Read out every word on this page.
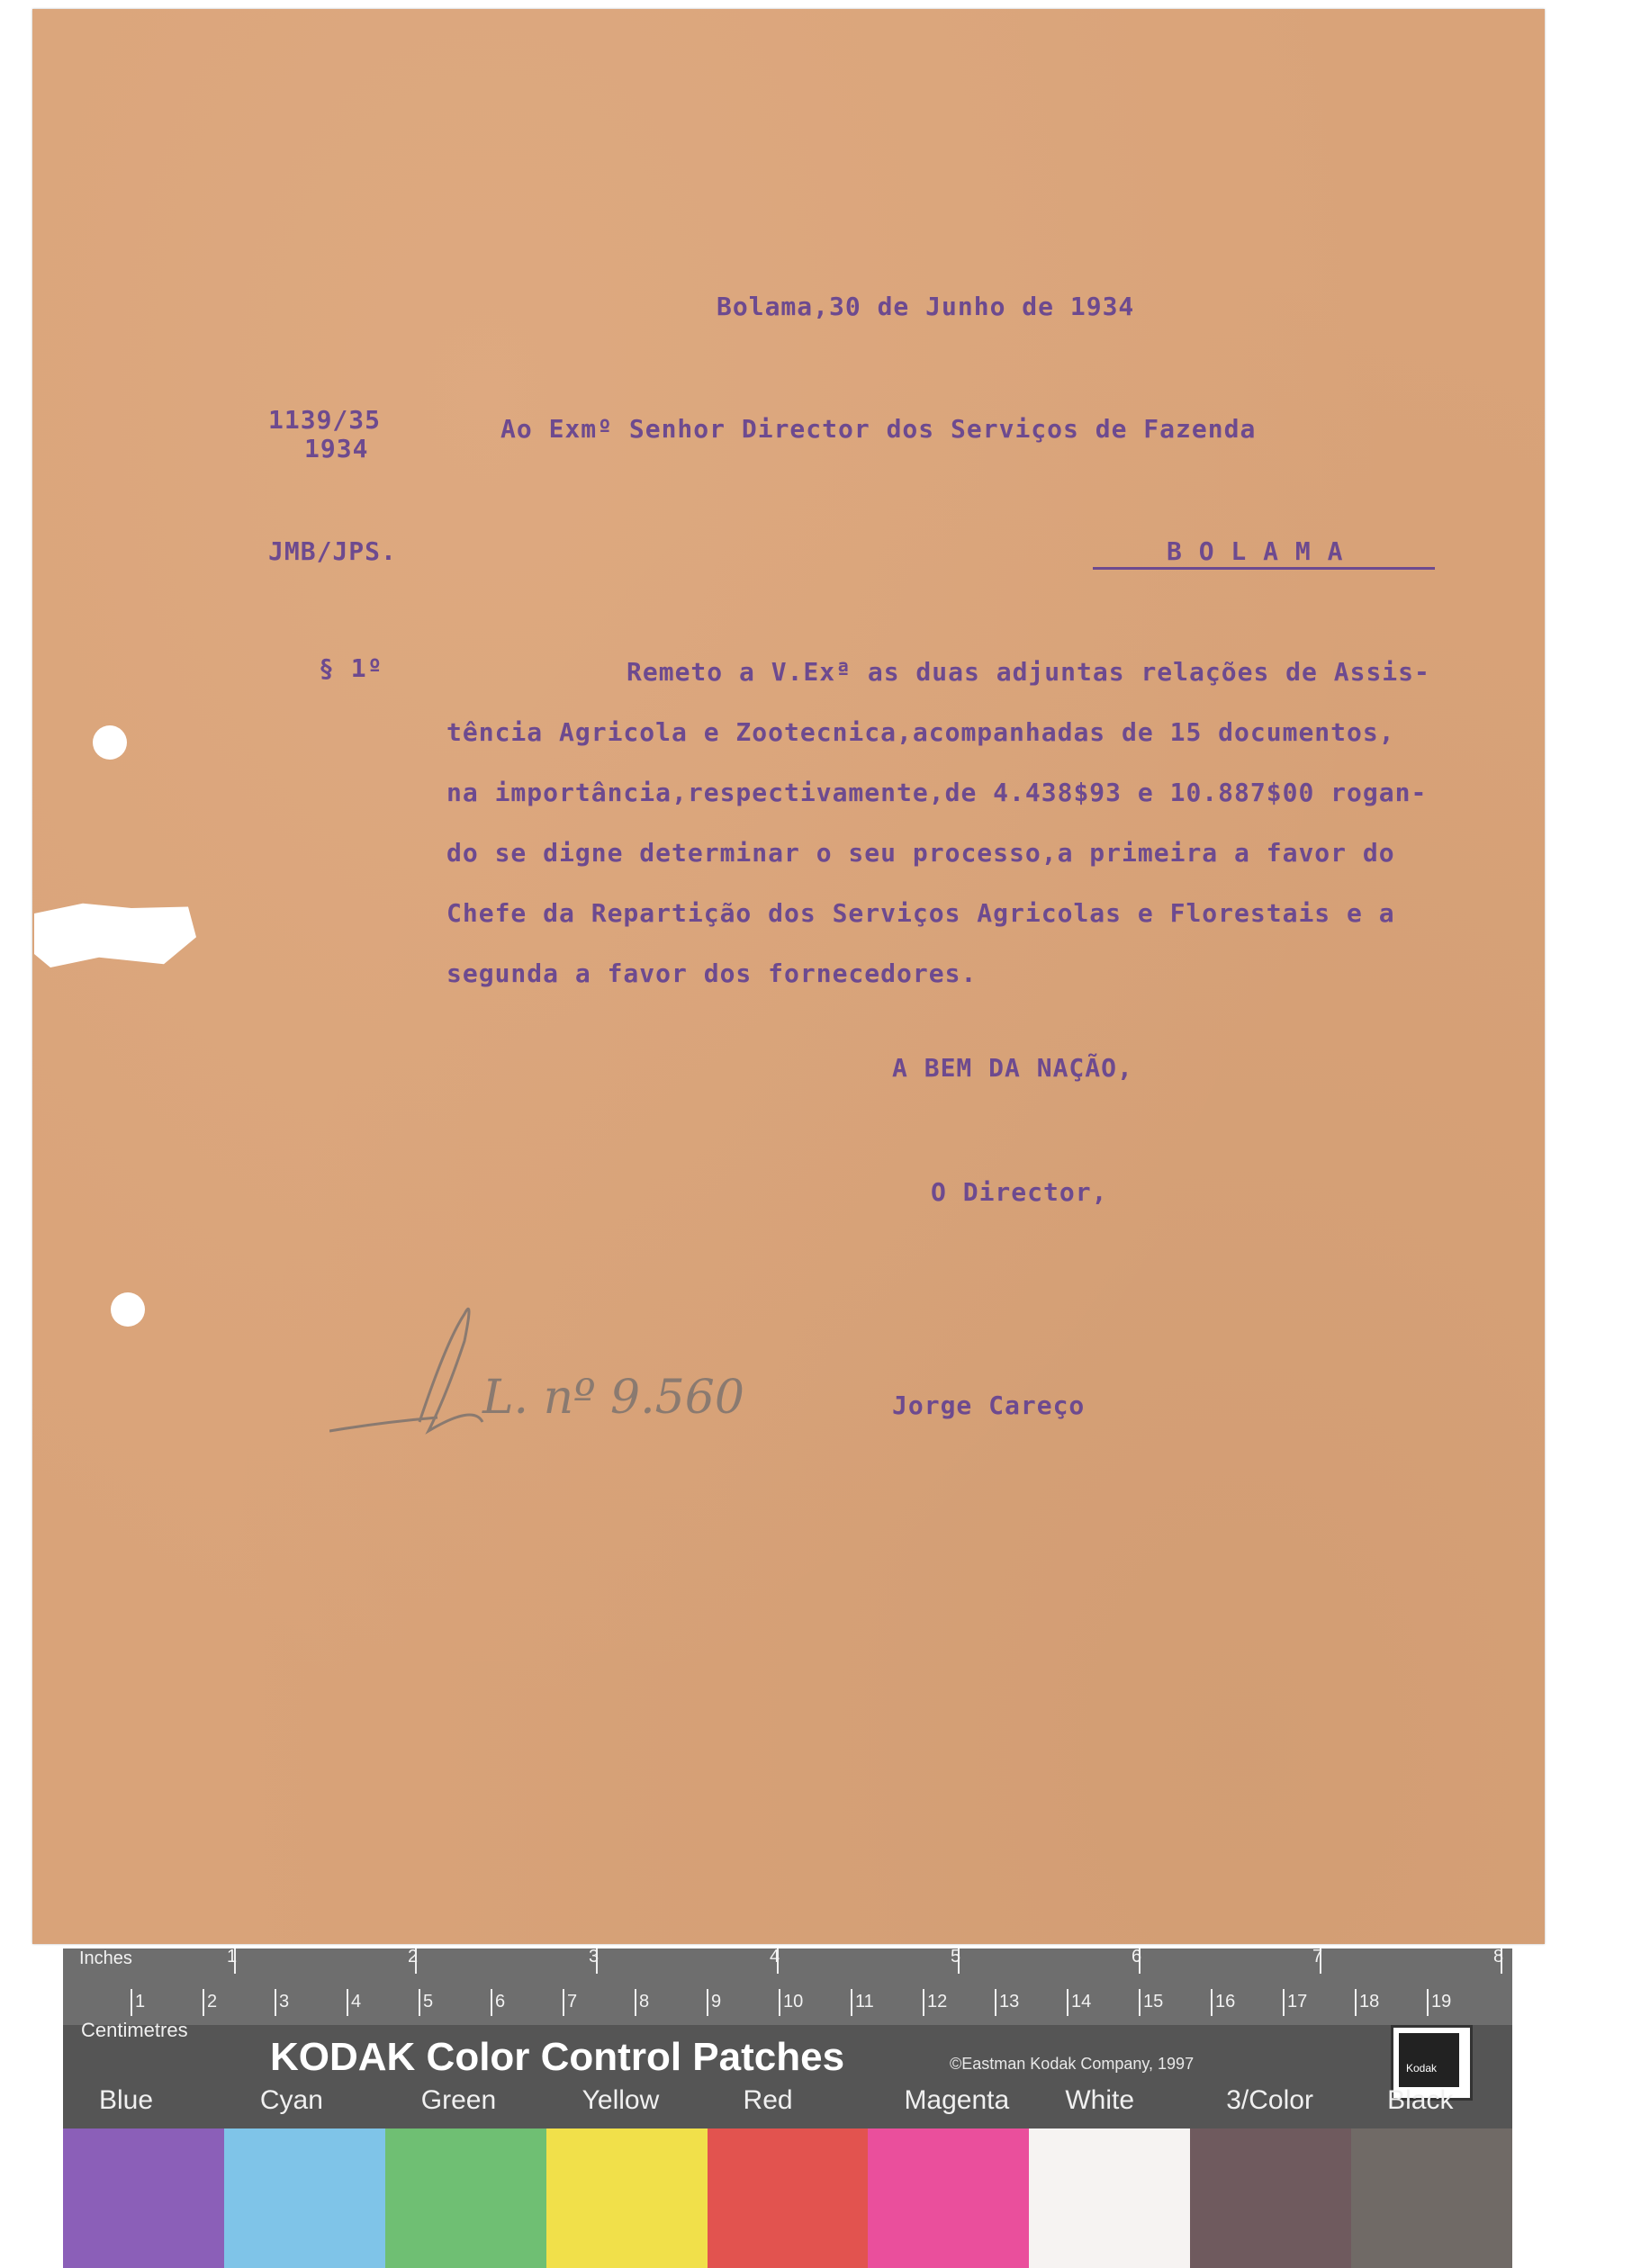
Bolama,30 de Junho de 1934
1139/35
1934
Ao Exmº Senhor Director dos Serviços de Fazenda
JMB/JPS.	B O L A M A
§ 1º	Remeto a V.Exª as duas adjuntas relações de Assis-
tência Agricola e Zootecnica,acompanhadas de 15 documentos,
na importância,respectivamente,de 4.438$93 e 10.887$00 rogan-
do se digne determinar o seu processo,a primeira a favor do
Chefe da Repartição dos Serviços Agricolas e Florestais e a
segunda a favor dos fornecedores.
A BEM DA NAÇÃO,
O Director,
Jorge Careço
L. nº 9.560
Inches	1	2	3	4	5	6	7	8
1	2	3	4	5	6	7	8	9	10	11	12	13	14	15	16	17	18	19
Centimetres
KODAK Color Control Patches	©Eastman Kodak Company, 1997	Kodak
Blue	Cyan	Green	Yellow	Red	Magenta White	3/Color	Black
